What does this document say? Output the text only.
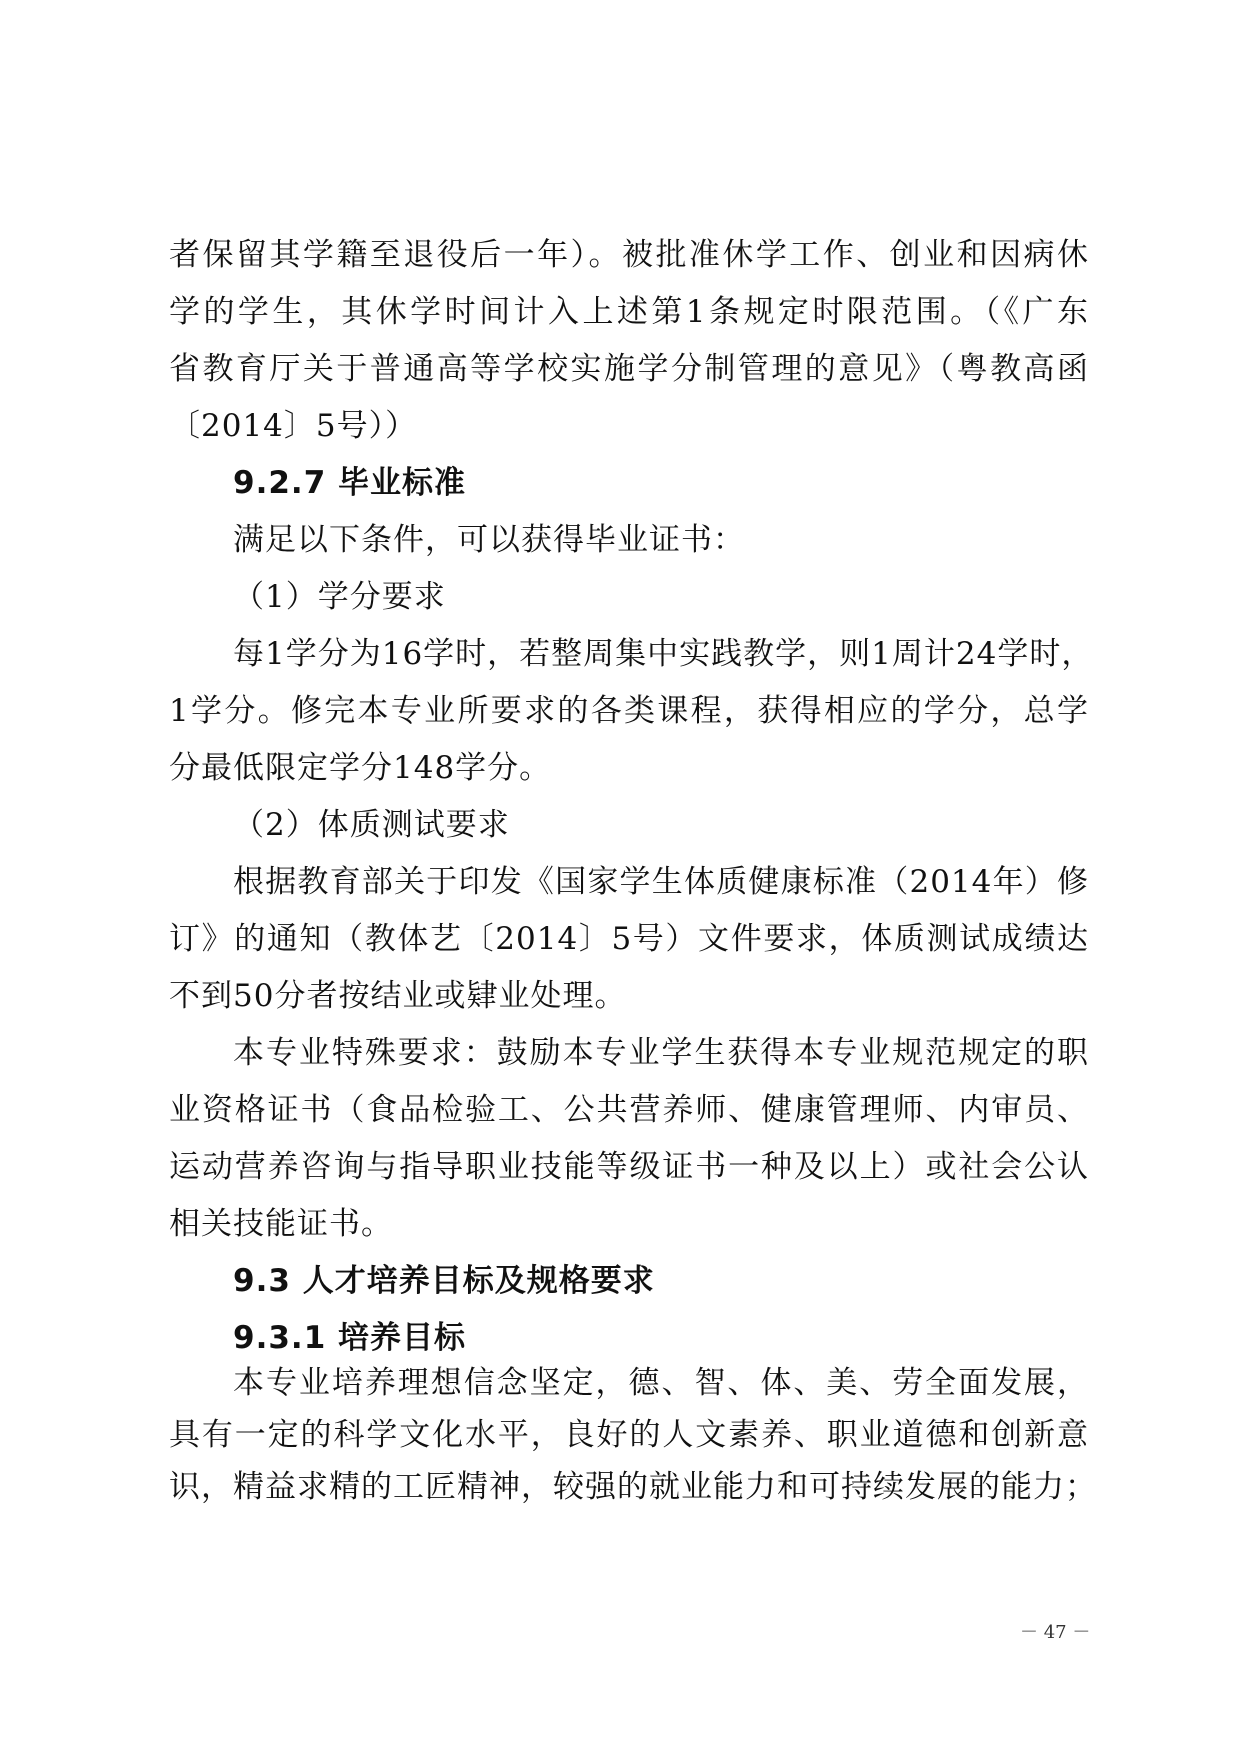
者保留其学籍至退役后一年）。被批准休学工作、创业和因病休
学的学生，其休学时间计入上述第1条规定时限范围。（《广东
省教育厅关于普通高等学校实施学分制管理的意见》（粤教高函
〔2014〕5号））
9.2.7 毕业标准
满足以下条件，可以获得毕业证书：
（1）学分要求
每1学分为16学时，若整周集中实践教学，则1周计24学时，
1学分。修完本专业所要求的各类课程，获得相应的学分，总学
分最低限定学分148学分。
（2）体质测试要求
根据教育部关于印发《国家学生体质健康标准（2014年）修
订》的通知（教体艺〔2014〕5号）文件要求，体质测试成绩达
不到50分者按结业或肄业处理。
本专业特殊要求：鼓励本专业学生获得本专业规范规定的职
业资格证书（食品检验工、公共营养师、健康管理师、内审员、
运动营养咨询与指导职业技能等级证书一种及以上）或社会公认
相关技能证书。
9.3 人才培养目标及规格要求
9.3.1 培养目标
本专业培养理想信念坚定，德、智、体、美、劳全面发展，
具有一定的科学文化水平，良好的人文素养、职业道德和创新意
识，精益求精的工匠精神，较强的就业能力和可持续发展的能力；
－ 47 －
